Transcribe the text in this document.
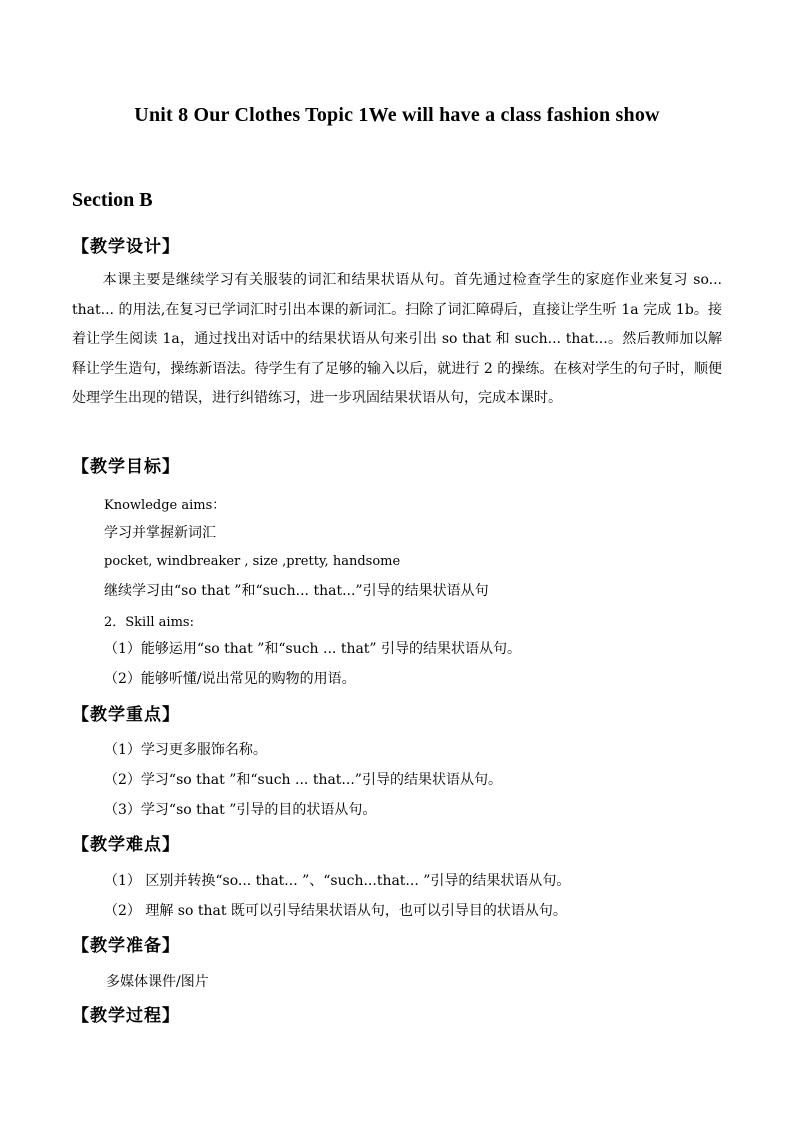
Unit 8 Our Clothes Topic 1We will have a class fashion show
Section B
【教学设计】

本课主要是继续学习有关服装的词汇和结果状语从句。首先通过检查学生的家庭作业来复习 so... that... 的用法,在复习已学词汇时引出本课的新词汇。扫除了词汇障碍后，直接让学生听 1a 完成 1b。接着让学生阅读 1a，通过找出对话中的结果状语从句来引出 so that 和 such... that...。然后教师加以解释让学生造句，操练新语法。待学生有了足够的输入以后，就进行 2 的操练。在核对学生的句子时，顺便处理学生出现的错误，进行纠错练习，进一步巩固结果状语从句，完成本课时。

【教学目标】
Knowledge aims：
学习并掌握新词汇
pocket, windbreaker , size ,pretty, handsome
继续学习由“so that ”和“such... that...”引导的结果状语从句
2．Skill aims:
（1）能够运用“so that ”和“such ... that” 引导的结果状语从句。
（2）能够听懂/说出常见的购物的用语。
【教学重点】
（1）学习更多服饰名称。
（2）学习“so that ”和“such ... that...”引导的结果状语从句。
（3）学习“so that ”引导的目的状语从句。
【教学难点】
（1） 区别并转换“so... that... ”、“such...that... ”引导的结果状语从句。
（2） 理解 so that 既可以引导结果状语从句，也可以引导目的状语从句。
【教学准备】
多媒体课件/图片
【教学过程】
